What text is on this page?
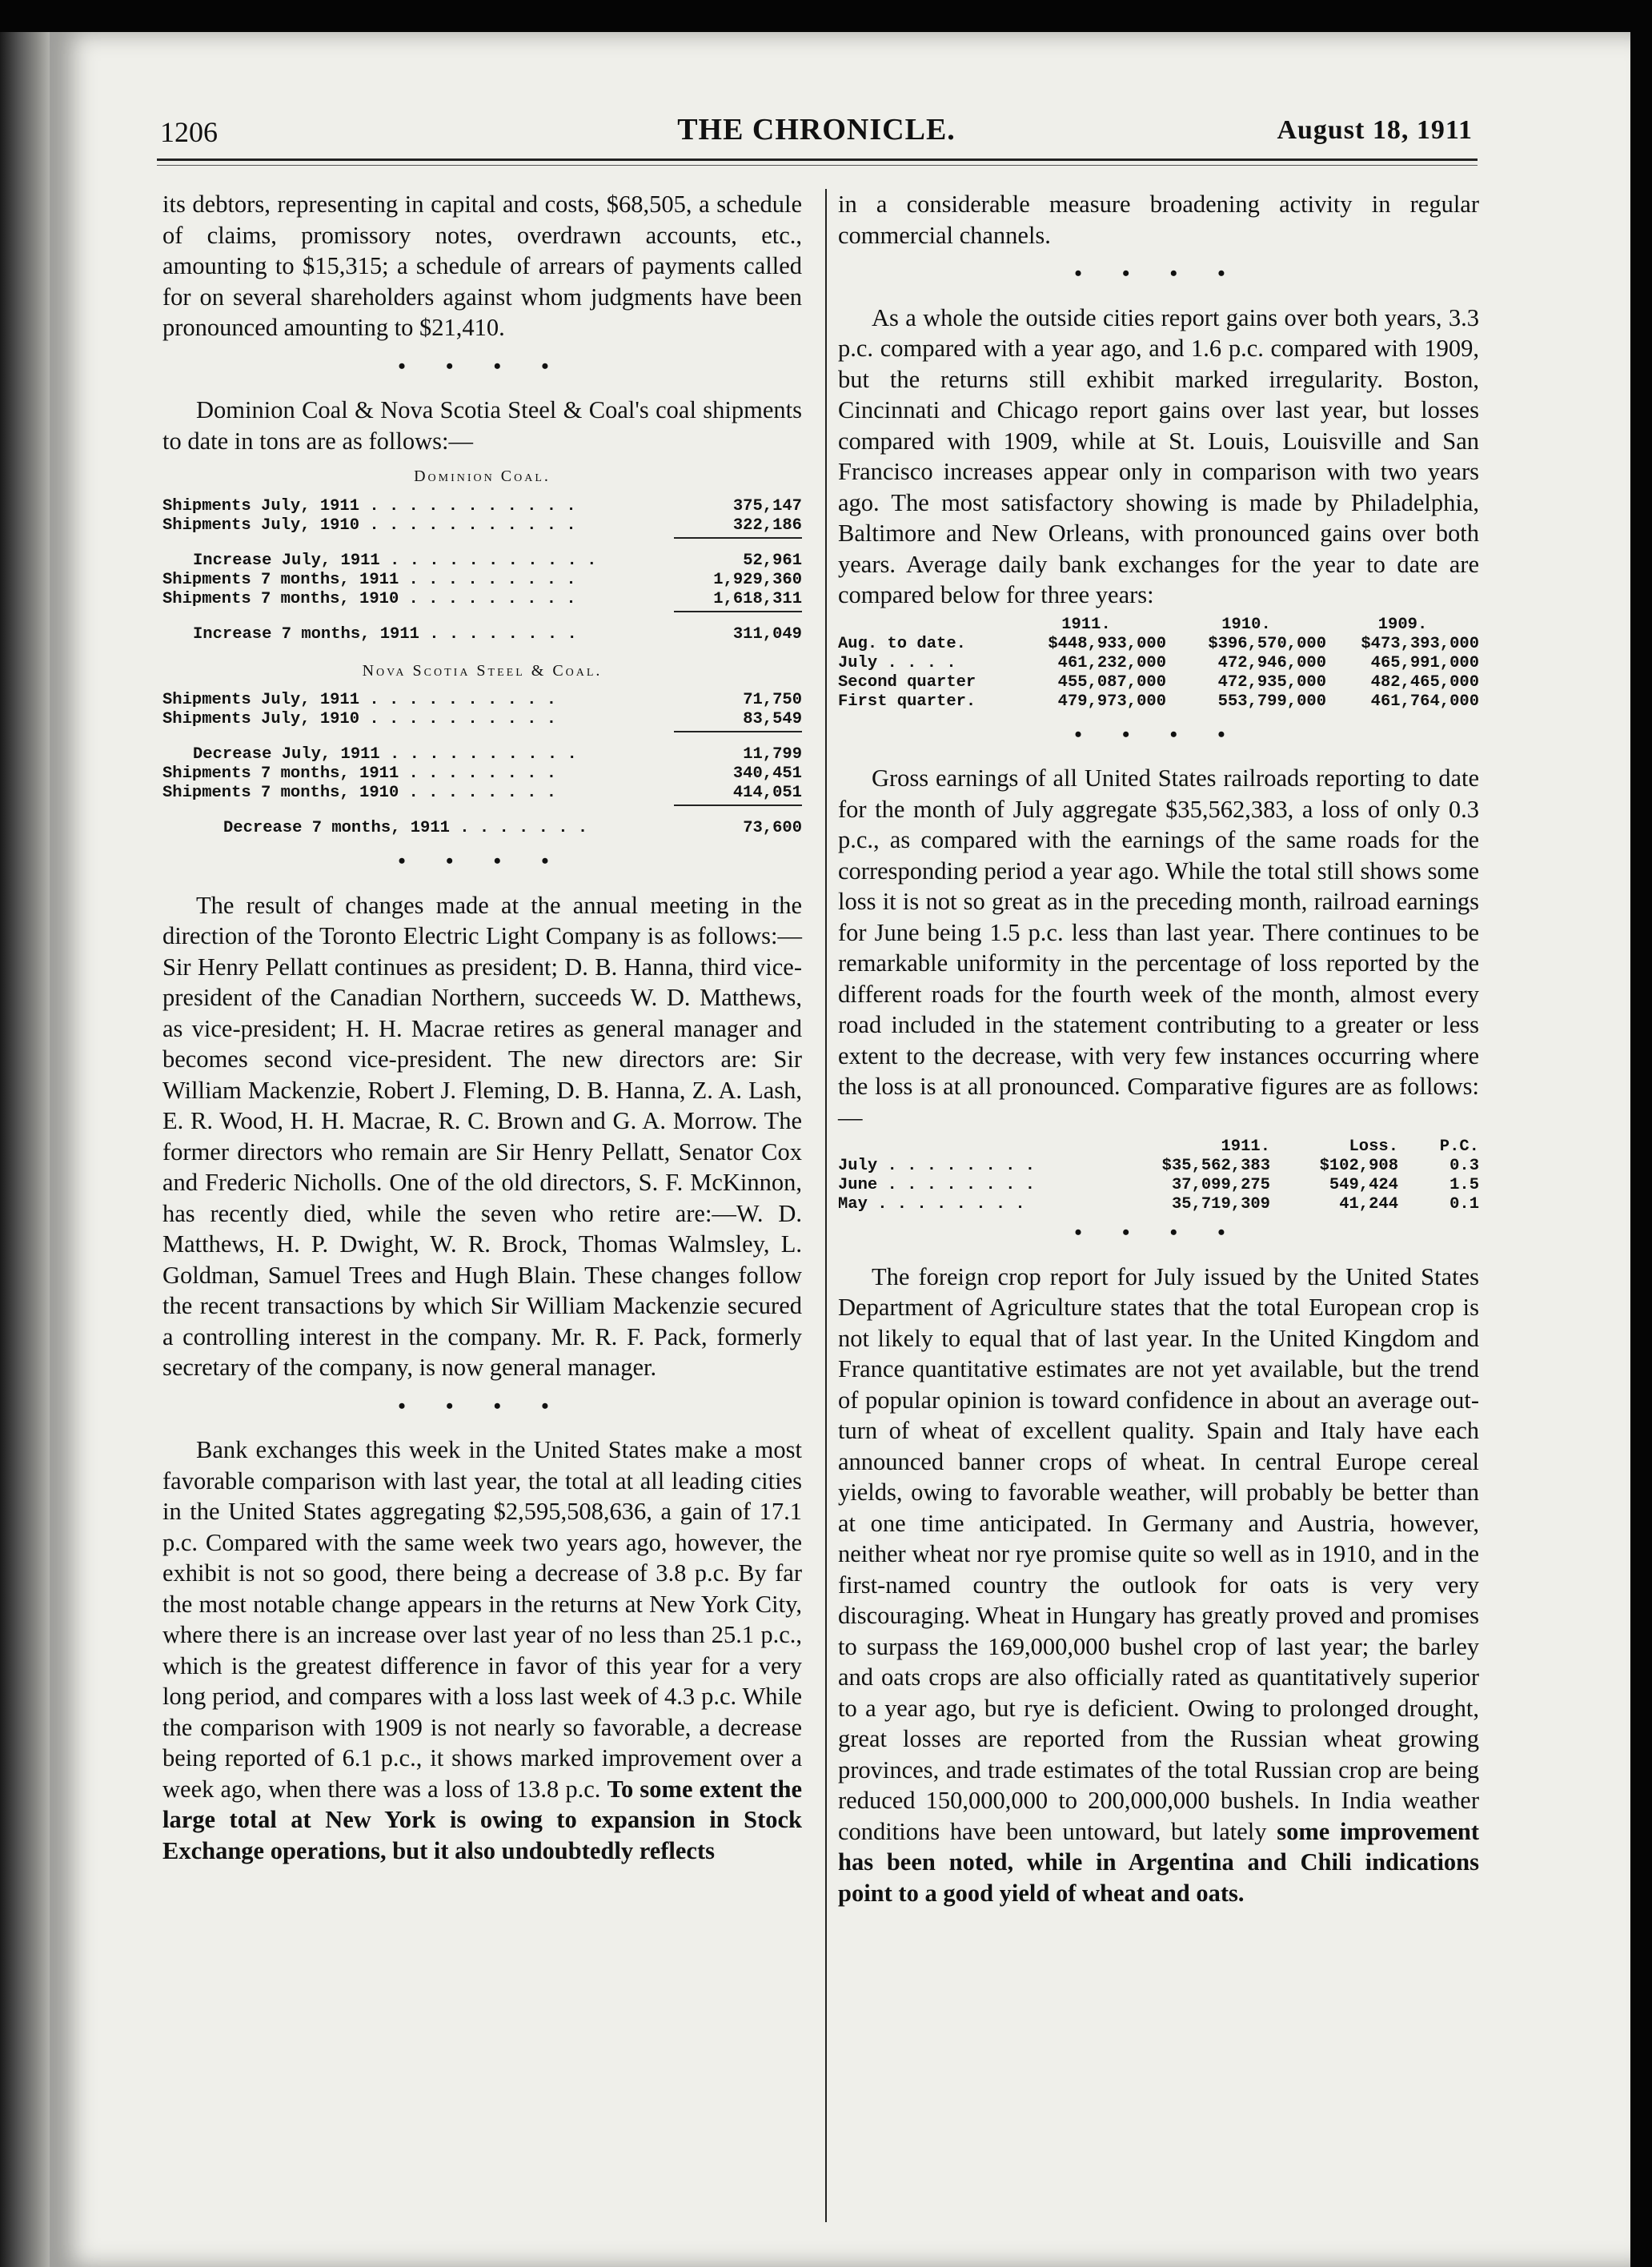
1206	THE CHRONICLE.	August 18, 1911

its debtors, representing in capital and costs, $68,505, a schedule of claims, promissory notes, overdrawn accounts, etc., amounting to $15,315; a schedule of arrears of payments called for on several shareholders against whom judgments have been pronounced amounting to $21,410.

• • • •

Dominion Coal & Nova Scotia Steel & Coal's coal shipments to date in tons are as follows:—

Dominion Coal.
Shipments July, 1911 . . . . . . . . . . .	375,147
Shipments July, 1910 . . . . . . . . . . .	322,186
Increase July, 1911 . . . . . . . . . . .	52,961
Shipments 7 months, 1911 . . . . . . . . .	1,929,360
Shipments 7 months, 1910 . . . . . . . . .	1,618,311
Increase 7 months, 1911 . . . . . . . .	311,049
Nova Scotia Steel & Coal.
Shipments July, 1911 . . . . . . . . . .	71,750
Shipments July, 1910 . . . . . . . . . .	83,549
Decrease July, 1911 . . . . . . . . . .	11,799
Shipments 7 months, 1911 . . . . . . . .	340,451
Shipments 7 months, 1910 . . . . . . . .	414,051
Decrease 7 months, 1911 . . . . . . .	73,600
• • • •

The result of changes made at the annual meeting in the direction of the Toronto Electric Light Company is as follows:—Sir Henry Pellatt continues as president; D. B. Hanna, third vice-president of the Canadian Northern, succeeds W. D. Matthews, as vice-president; H. H. Macrae retires as general manager and becomes second vice-president. The new directors are: Sir William Mackenzie, Robert J. Fleming, D. B. Hanna, Z. A. Lash, E. R. Wood, H. H. Macrae, R. C. Brown and G. A. Morrow. The former directors who remain are Sir Henry Pellatt, Senator Cox and Frederic Nicholls. One of the old directors, S. F. McKinnon, has recently died, while the seven who retire are:—W. D. Matthews, H. P. Dwight, W. R. Brock, Thomas Walmsley, L. Goldman, Samuel Trees and Hugh Blain. These changes follow the recent transactions by which Sir William Mackenzie secured a controlling interest in the company. Mr. R. F. Pack, formerly secretary of the company, is now general manager.

• • • •

Bank exchanges this week in the United States make a most favorable comparison with last year, the total at all leading cities in the United States aggregating $2,595,508,636, a gain of 17.1 p.c. Compared with the same week two years ago, however, the exhibit is not so good, there being a decrease of 3.8 p.c. By far the most notable change appears in the returns at New York City, where there is an increase over last year of no less than 25.1 p.c., which is the greatest difference in favor of this year for a very long period, and compares with a loss last week of 4.3 p.c. While the comparison with 1909 is not nearly so favorable, a decrease being reported of 6.1 p.c., it shows marked improvement over a week ago, when there was a loss of 13.8 p.c. To some extent the large total at New York is owing to expansion in Stock Exchange operations, but it also undoubtedly reflects

in a considerable measure broadening activity in regular commercial channels.

• • • •

As a whole the outside cities report gains over both years, 3.3 p.c. compared with a year ago, and 1.6 p.c. compared with 1909, but the returns still exhibit marked irregularity. Boston, Cincinnati and Chicago report gains over last year, but losses compared with 1909, while at St. Louis, Louisville and San Francisco increases appear only in comparison with two years ago. The most satisfactory showing is made by Philadelphia, Baltimore and New Orleans, with pronounced gains over both years. Average daily bank exchanges for the year to date are compared below for three years:

1911.	1910.	1909.
Aug. to date.	$448,933,000	$396,570,000	$473,393,000
July . . . .	461,232,000	472,946,000	465,991,000
Second quarter	455,087,000	472,935,000	482,465,000
First quarter.	479,973,000	553,799,000	461,764,000
• • • •

Gross earnings of all United States railroads reporting to date for the month of July aggregate $35,562,383, a loss of only 0.3 p.c., as compared with the earnings of the same roads for the corresponding period a year ago. While the total still shows some loss it is not so great as in the preceding month, railroad earnings for June being 1.5 p.c. less than last year. There continues to be remarkable uniformity in the percentage of loss reported by the different roads for the fourth week of the month, almost every road included in the statement contributing to a greater or less extent to the decrease, with very few instances occurring where the loss is at all pronounced. Comparative figures are as follows:—

1911.	Loss.	P.C.
July . . . . . . . .	$35,562,383	$102,908	0.3
June . . . . . . . .	37,099,275	549,424	1.5
May . . . . . . . .	35,719,309	41,244	0.1
• • • •

The foreign crop report for July issued by the United States Department of Agriculture states that the total European crop is not likely to equal that of last year. In the United Kingdom and France quantitative estimates are not yet available, but the trend of popular opinion is toward confidence in about an average out-turn of wheat of excellent quality. Spain and Italy have each announced banner crops of wheat. In central Europe cereal yields, owing to favorable weather, will probably be better than at one time anticipated. In Germany and Austria, however, neither wheat nor rye promise quite so well as in 1910, and in the first-named country the outlook for oats is very very discouraging. Wheat in Hungary has greatly proved and promises to surpass the 169,000,000 bushel crop of last year; the barley and oats crops are also officially rated as quantitatively superior to a year ago, but rye is deficient. Owing to prolonged drought, great losses are reported from the Russian wheat growing provinces, and trade estimates of the total Russian crop are being reduced 150,000,000 to 200,000,000 bushels. In India weather conditions have been untoward, but lately some improvement has been noted, while in Argentina and Chili indications point to a good yield of wheat and oats.
